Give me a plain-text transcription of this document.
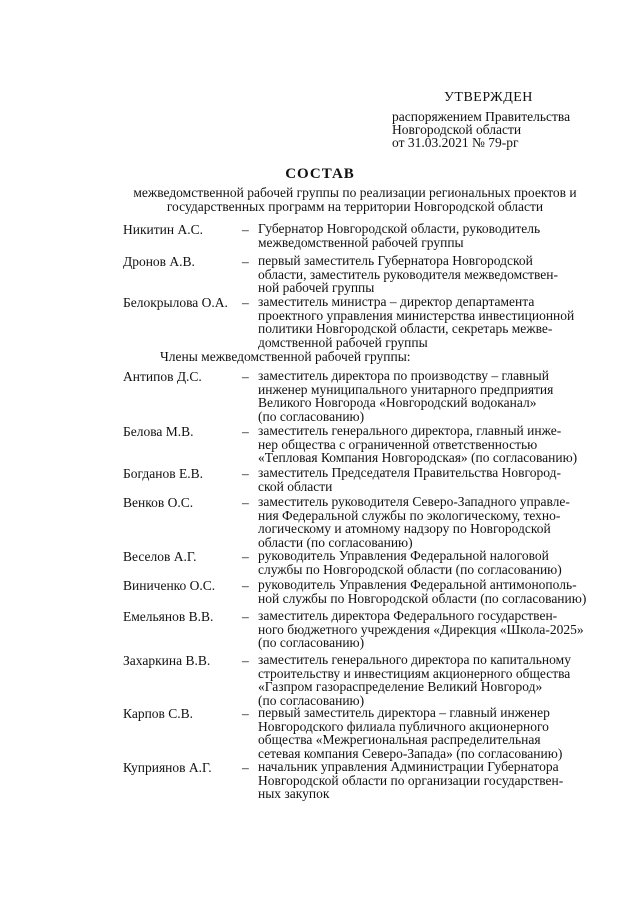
УТВЕРЖДЕН
распоряжением Правительства
Новгородской области
от 31.03.2021 № 79-рг
СОСТАВ
межведомственной рабочей группы по реализации региональных проектов и
государственных программ на территории Новгородской области
Никитин А.С.	– Губернатор Новгородской области, руководитель
межведомственной рабочей группы
Дронов А.В.	– первый заместитель Губернатора Новгородской
области, заместитель руководителя межведомствен-
ной рабочей группы
Белокрылова О.А. – заместитель министра – директор департамента
проектного управления министерства инвестиционной
политики Новгородской области, секретарь межве-
домственной рабочей группы
Члены межведомственной рабочей группы:
Антипов Д.С.	– заместитель директора по производству – главный
инженер муниципального унитарного предприятия
Великого Новгорода «Новгородский водоканал»
(по согласованию)
Белова М.В.	– заместитель генерального директора, главный инже-
нер общества с ограниченной ответственностью
«Тепловая Компания Новгородская» (по согласованию)
Богданов Е.В.	– заместитель Председателя Правительства Новгород-
ской области
Венков О.С.	– заместитель руководителя Северо-Западного управле-
ния Федеральной службы по экологическому, техно-
логическому и атомному надзору по Новгородской
области (по согласованию)
Веселов А.Г.	– руководитель Управления Федеральной налоговой
службы по Новгородской области (по согласованию)
Виниченко О.С. – руководитель Управления Федеральной антимонополь-
ной службы по Новгородской области (по согласованию)
Емельянов В.В. – заместитель директора Федерального государствен-
ного бюджетного учреждения «Дирекция «Школа-2025»
(по согласованию)
Захаркина В.В. – заместитель генерального директора по капитальному
строительству и инвестициям акционерного общества
«Газпром газораспределение Великий Новгород»
(по согласованию)
Карпов С.В.	– первый заместитель директора – главный инженер
Новгородского филиала публичного акционерного
общества «Межрегиональная распределительная
сетевая компания Северо-Запада» (по согласованию)
Куприянов А.Г. – начальник управления Администрации Губернатора
Новгородской области по организации государствен-
ных закупок
